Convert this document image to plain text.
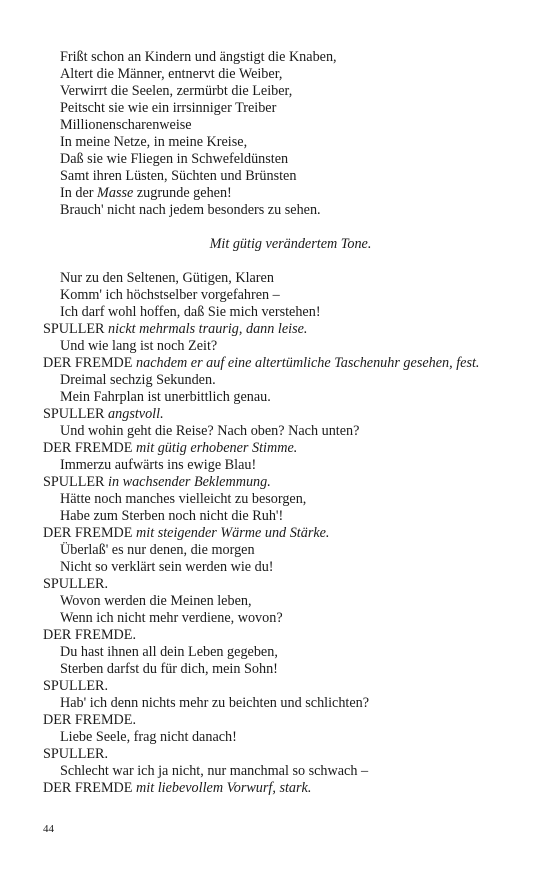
Frißt schon an Kindern und ängstigt die Knaben,
Altert die Männer, entnervt die Weiber,
Verwirrt die Seelen, zermürbt die Leiber,
Peitscht sie wie ein irrsinniger Treiber
Millionenscharenweise
In meine Netze, in meine Kreise,
Daß sie wie Fliegen in Schwefeldünsten
Samt ihren Lüsten, Süchten und Brünsten
In der Masse zugrunde gehen!
Brauch' nicht nach jedem besonders zu sehen.
Mit gütig verändertem Tone.
Nur zu den Seltenen, Gütigen, Klaren
Komm' ich höchstselber vorgefahren –
Ich darf wohl hoffen, daß Sie mich verstehen!
SPULLER nickt mehrmals traurig, dann leise.
Und wie lang ist noch Zeit?
DER FREMDE nachdem er auf eine altertümliche Taschenuhr gesehen, fest.
Dreimal sechzig Sekunden.
Mein Fahrplan ist unerbittlich genau.
SPULLER angstvoll.
Und wohin geht die Reise? Nach oben? Nach unten?
DER FREMDE mit gütig erhobener Stimme.
Immerzu aufwärts ins ewige Blau!
SPULLER in wachsender Beklemmung.
Hätte noch manches vielleicht zu besorgen,
Habe zum Sterben noch nicht die Ruh'!
DER FREMDE mit steigender Wärme und Stärke.
Überlaß' es nur denen, die morgen
Nicht so verklärt sein werden wie du!
SPULLER.
Wovon werden die Meinen leben,
Wenn ich nicht mehr verdiene, wovon?
DER FREMDE.
Du hast ihnen all dein Leben gegeben,
Sterben darfst du für dich, mein Sohn!
SPULLER.
Hab' ich denn nichts mehr zu beichten und schlichten?
DER FREMDE.
Liebe Seele, frag nicht danach!
SPULLER.
Schlecht war ich ja nicht, nur manchmal so schwach –
DER FREMDE mit liebevollem Vorwurf, stark.
44
